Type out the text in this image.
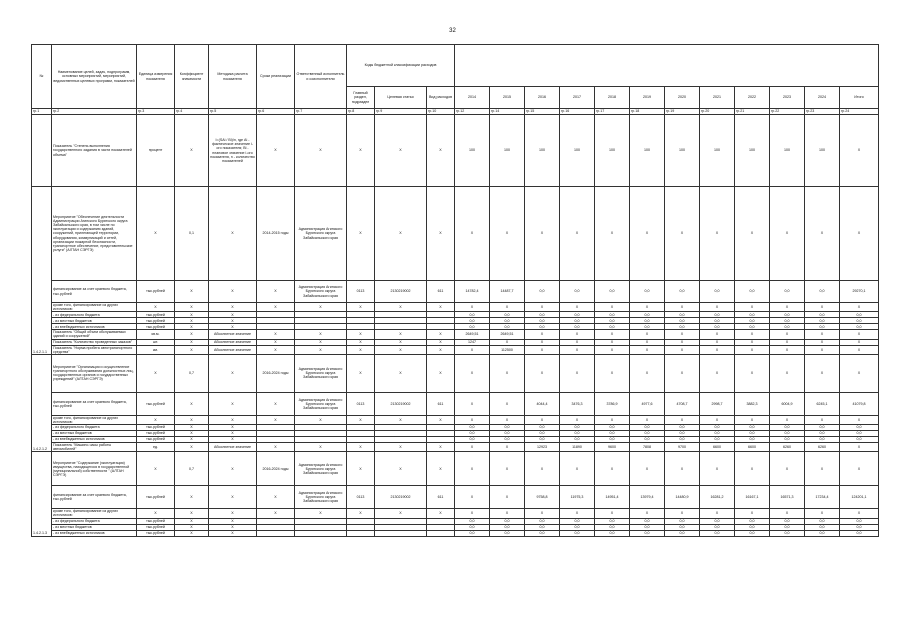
32
№	Наименование целей, задач, подпрограмм, основных мероприятий, мероприятий, ведомственных целевых программ, показателей	Единица измерения показателя	Коэффициент значимости	Методика расчета показателя	Сроки реализации	Ответственный исполнитель и соисполнители	Коды бюджетной классификации расходов														
							Главный раздел, подраздел	Целевая статья	Вид расходов	2014	2015	2016	2017	2018	2019	2020	2021	2022	2023	2024	Итого
гр.1	гр.2	гр.3	гр.4	гр.5	гр.6	гр.7	гр.8	гр.9	гр.10	гр.12	гр.14	гр.15	гр.16	гр.17	гр.18	гр.19	гр.20	гр.21	гр.22	гр.23	гр.24
	Показатель "Степень выполнения государственного задания в части показателей объема"	процент	Х	I=(SAi / Bi)/n, где Ai - фактическое значение i-ого показателя; Bi - плановое значение i-ого показателя, n - количество показателей	Х	Х	Х	Х	Х	100	100	100	100	100	100	100	100	100	100	100	Х
1.4.2.1.1	Мероприятие "Обеспечение деятельности Администрации Агинского Бурятского округа Забайкальского края, в том числе по эксплуатации и содержанию зданий, сооружений, прилегающей территории, оборудования, коммуникаций и сетей, организации пожарной безопасности, транспортное обеспечение, представительские услуги" (АЛТАН СЭРГЭ)	Х	0,1	Х	2014-2015 годы	Администрация Агинского Бурятского округа Забайкальского края	Х	Х	Х	Х	Х	Х	Х	Х	Х	Х	Х	Х	Х	Х	Х
	финансирование за счет краевого бюджета, тыс.рублей	тыс.рублей	Х	Х	Х	Администрация Агинского Бурятского округа Забайкальского края	0113	2130219002	611	14782,4	14487,7	0,0	0,0	0,0	0,0	0,0	0,0	0,0	0,0	0,0	29270,1
	кроме того, финансирование из других источников:	Х	Х	Х	Х	Х	Х	Х	Х	Х	Х	Х	Х	Х	Х	Х	Х	Х	Х	Х	Х
	- из федерального бюджета	тыс.рублей	Х	Х						0,0	0,0	0,0	0,0	0,0	0,0	0,0	0,0	0,0	0,0	0,0	0,0
	- из местных бюджетов	тыс.рублей	Х	Х						0,0	0,0	0,0	0,0	0,0	0,0	0,0	0,0	0,0	0,0	0,0	0,0
	- из внебюджетных источников	тыс.рублей	Х	Х						0,0	0,0	0,0	0,0	0,0	0,0	0,0	0,0	0,0	0,0	0,0	0,0
	Показатель "Общий объем обслуживаемых зданий и сооружений"	кв.м.	Х	Абсолютное значение	Х	Х	Х	Х	Х	2649,51	2649,51	Х	Х	Х	Х	Х	Х	Х	Х	Х	Х
	Показатель "Количество проведенных заказов"	шт.	Х	Абсолютное значение	Х	Х	Х	Х	Х	1247	Х	Х	Х	Х	Х	Х	Х	Х	Х	Х	Х
	Показатель "Норма пробега автотранспортного средства"	км.	Х	Абсолютное значение	Х	Х	Х	Х	Х	Х	112500	Х	Х	Х	Х	Х	Х	Х	Х	Х	Х
1.4.2.1.2	Мероприятие "Организация и осуществление транспортного обслуживания должностных лиц, государственных органов и государственных учреждений" (АЛТАН СЭРГЭ)	Х	0,7	Х	2016-2024 годы	Администрация Агинского Бурятского округа Забайкальского края	Х	Х	Х	Х	Х	Х	Х	Х	Х	Х	Х	Х	Х	Х	Х
	финансирование за счет краевого бюджета, тыс.рублей	тыс.рублей	Х	Х	Х	Администрация Агинского Бурятского округа Забайкальского края	0113	2130219002	611	Х	Х	4044,4	3476,3	3786,9	4977,6	4708,7	2998,7	3882,3	6004,9	6245,1	41079,8
	кроме того, финансирование из других источников:	Х	Х	Х	Х	Х	Х	Х	Х	Х	Х	Х	Х	Х	Х	Х	Х	Х	Х	Х	Х
	- из федерального бюджета	тыс.рублей	Х	Х						0,0	0,0	0,0	0,0	0,0	0,0	0,0	0,0	0,0	0,0	0,0	0,0
	- из местных бюджетов	тыс.рублей	Х	Х						0,0	0,0	0,0	0,0	0,0	0,0	0,0	0,0	0,0	0,0	0,0	0,0
	- из внебюджетных источников	тыс.рублей	Х	Х						0,0	0,0	0,0	0,0	0,0	0,0	0,0	0,0	0,0	0,0	0,0	0,0
	Показатель "Машино-часы работы автомобилей"	ед.	Х	Абсолютное значение	Х	Х	Х	Х	Х	Х	Х	12923	11890	9600	7808	9700	6600	6600	6260	6260	Х
1.4.2.1.3	Мероприятие "Содержание (эксплуатация) имущества, находящегося в государственной (муниципальной) собственности " (АЛТАН СЭРГЭ)	Х	0,7	Х	2016-2024 годы	Администрация Агинского Бурятского округа Забайкальского края	Х	Х	Х	Х	Х	Х	Х	Х	Х	Х	Х	Х	Х	Х	Х
	финансирование за счет краевого бюджета, тыс.рублей	тыс.рублей	Х	Х	Х	Администрация Агинского Бурятского округа Забайкальского края	0113	2130219002	611	Х	Х	9758,8	11975,3	14951,4	13979,4	14480,9	16281,2	16167,1	16571,3	17234,4	124201,1
	кроме того, финансирование из других источников:	Х	Х	Х	Х	Х	Х	Х	Х	Х	Х	Х	Х	Х	Х	Х	Х	Х	Х	Х	Х
	- из федерального бюджета	тыс.рублей	Х	Х						0,0	0,0	0,0	0,0	0,0	0,0	0,0	0,0	0,0	0,0	0,0	0,0
	- из местных бюджетов	тыс.рублей	Х	Х						0,0	0,0	0,0	0,0	0,0	0,0	0,0	0,0	0,0	0,0	0,0	0,0
	- из внебюджетных источников	тыс.рублей	Х	Х						0,0	0,0	0,0	0,0	0,0	0,0	0,0	0,0	0,0	0,0	0,0	0,0
